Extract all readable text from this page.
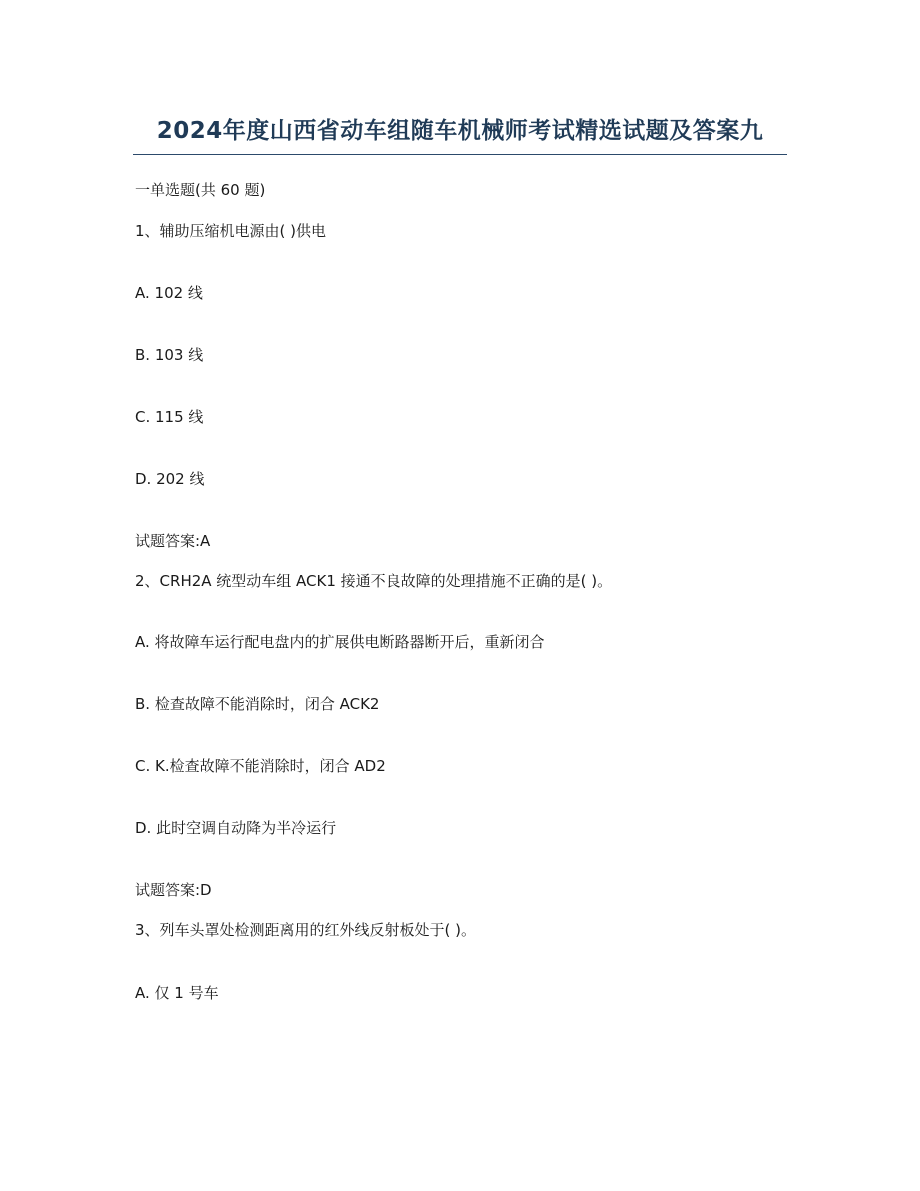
2024年度山西省动车组随车机械师考试精选试题及答案九
一单选题(共 60 题)
1、辅助压缩机电源由( )供电
A. 102 线
B. 103 线
C. 115 线
D. 202 线
试题答案:A
2、CRH2A 统型动车组 ACK1 接通不良故障的处理措施不正确的是( )。
A. 将故障车运行配电盘内的扩展供电断路器断开后，重新闭合
B. 检查故障不能消除时，闭合 ACK2
C. K.检查故障不能消除时，闭合 AD2
D. 此时空调自动降为半冷运行
试题答案:D
3、列车头罩处检测距离用的红外线反射板处于( )。
A. 仅 1 号车
